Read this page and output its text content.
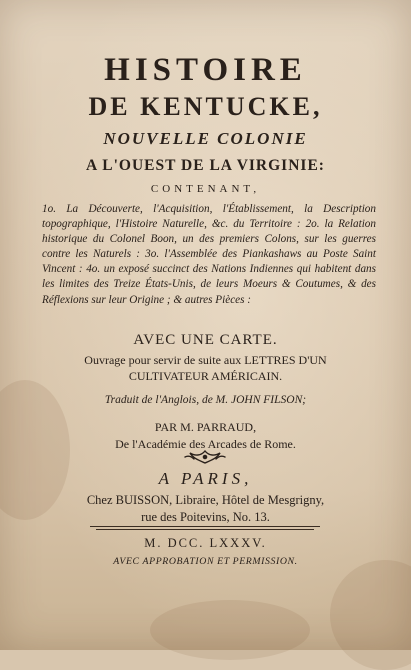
HISTOIRE
DE KENTUCKE,
NOUVELLE COLONIE
A L'OUEST DE LA VIRGINIE:
CONTENANT,
1o. La Découverte, l'Acquisition, l'Établissement, la Description topographique, l'Histoire Naturelle, &c. du Territoire : 2o. la Relation historique du Colonel Boon, un des premiers Colons, sur les guerres contre les Naturels : 3o. l'Assemblée des Piankashaws au Poste Saint Vincent : 4o. un exposé succinct des Nations Indiennes qui habitent dans les limites des Treize États-Unis, de leurs Moeurs & Coutumes, & des Réflexions sur leur Origine ; & autres Pièces :
AVEC UNE CARTE.
Ouvrage pour servir de suite aux LETTRES D'UN
CULTIVATEUR AMÉRICAIN.
Traduit de l'Anglois, de M. JOHN FILSON;
PAR M. PARRAUD,
De l'Académie des Arcades de Rome.
A PARIS,
Chez BUISSON, Libraire, Hôtel de Mesgrigny,
rue des Poitevins, No. 13.
M. DCC. LXXXV.
AVEC APPROBATION ET PERMISSION.
